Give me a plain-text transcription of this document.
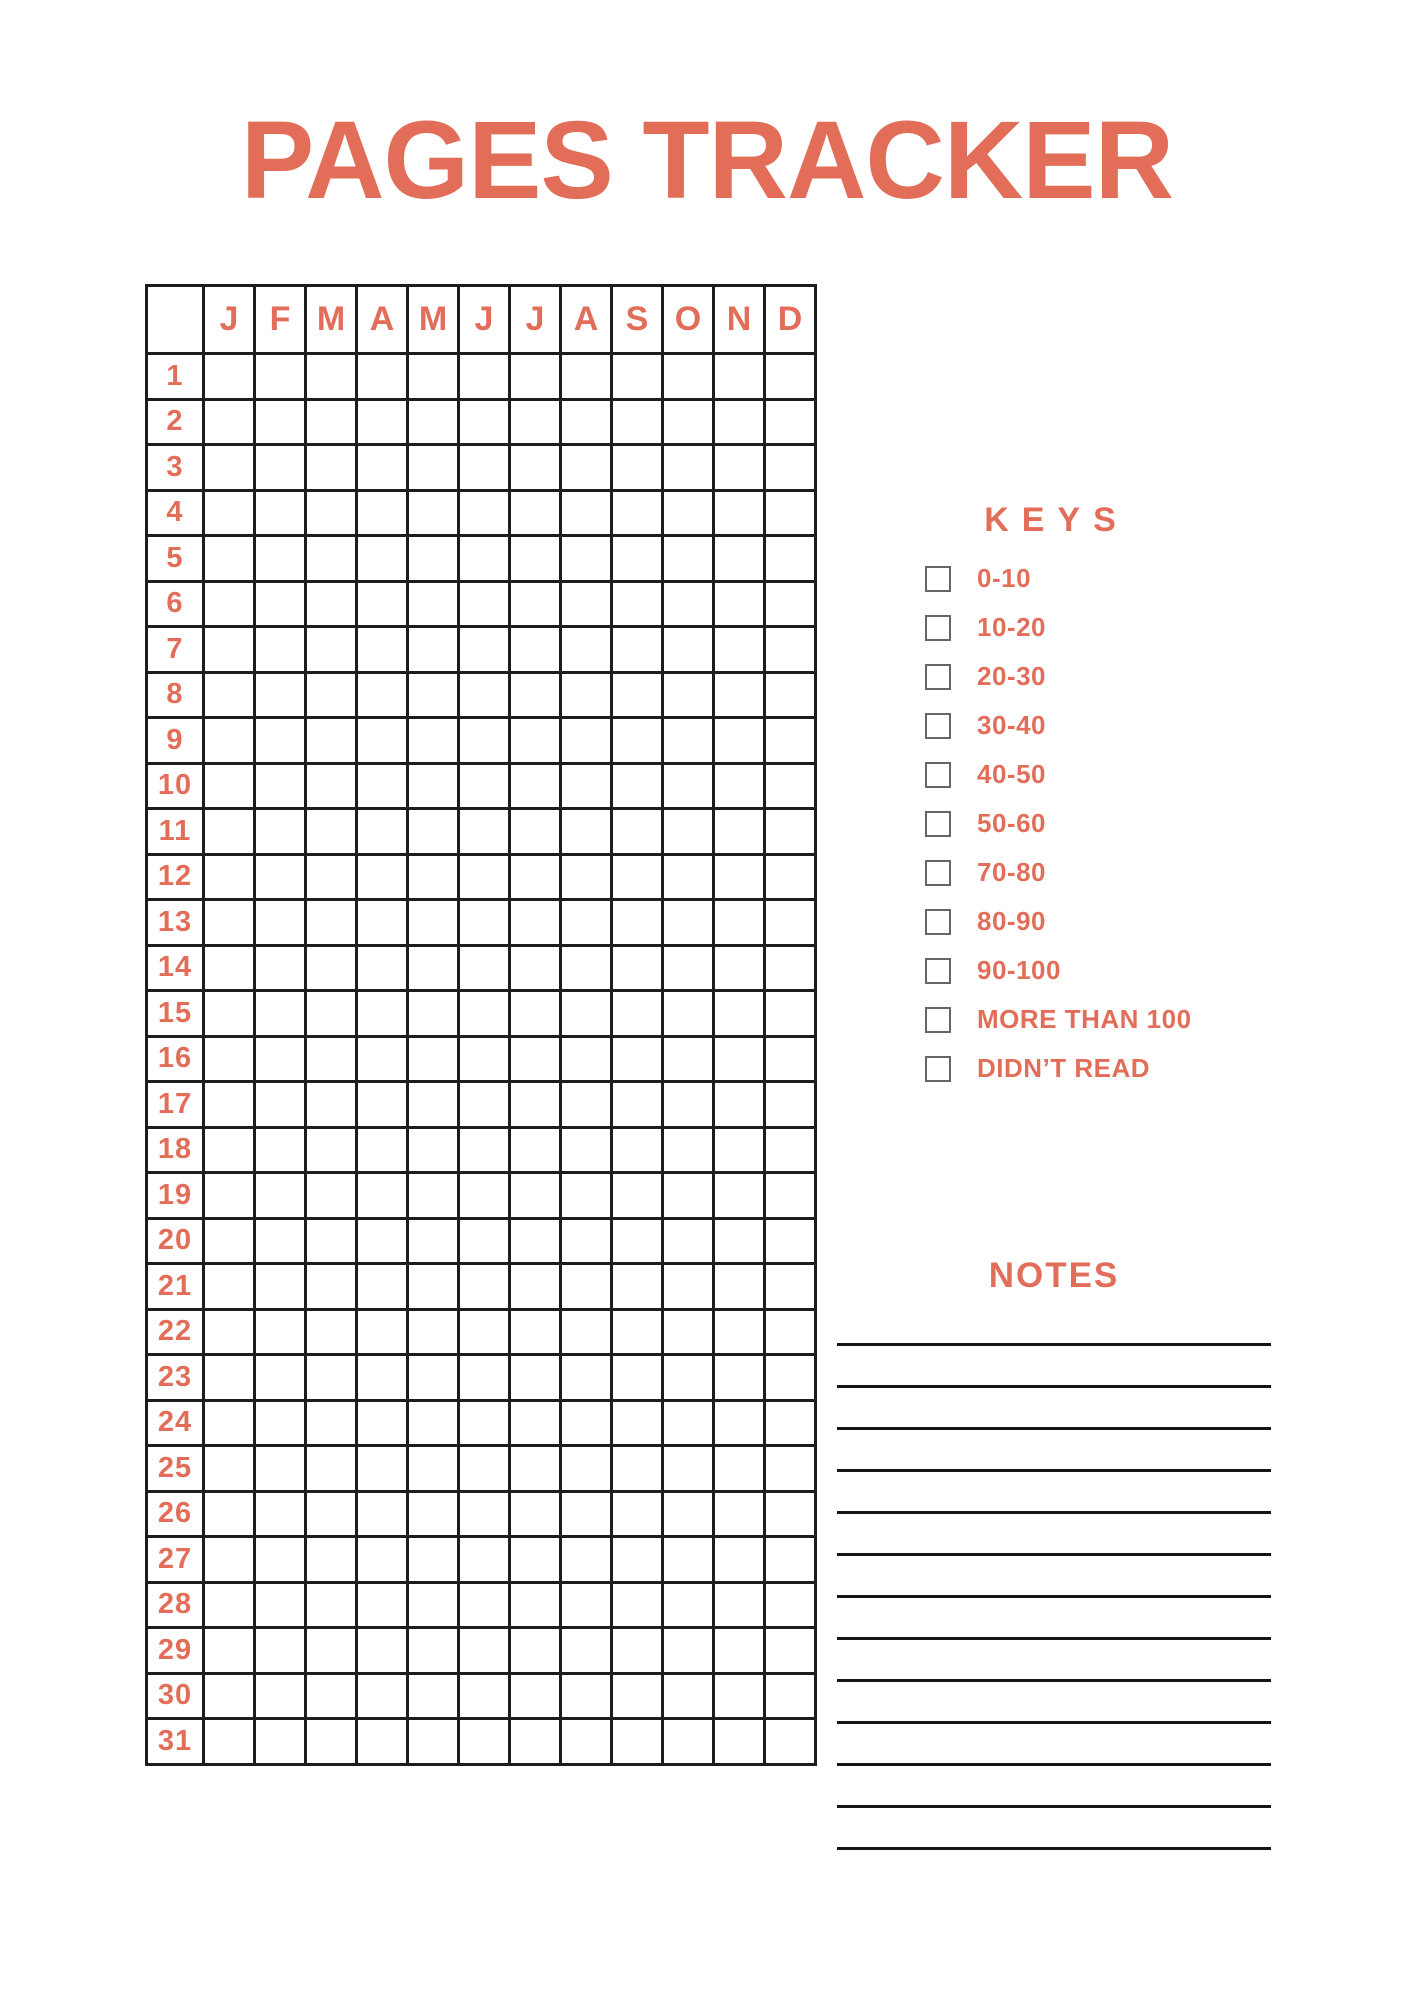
PAGES TRACKER
	J	F	M	A	M	J	J	A	S	O	N	D
1												
2												
3												
4												
5												
6												
7												
8												
9												
10												
11												
12												
13												
14												
15												
16												
17												
18												
19												
20												
21												
22												
23												
24												
25												
26												
27												
28												
29												
30												
31												
KEYS
0-10
10-20
20-30
30-40
40-50
50-60
70-80
80-90
90-100
MORE THAN 100
DIDN’T READ
NOTES
